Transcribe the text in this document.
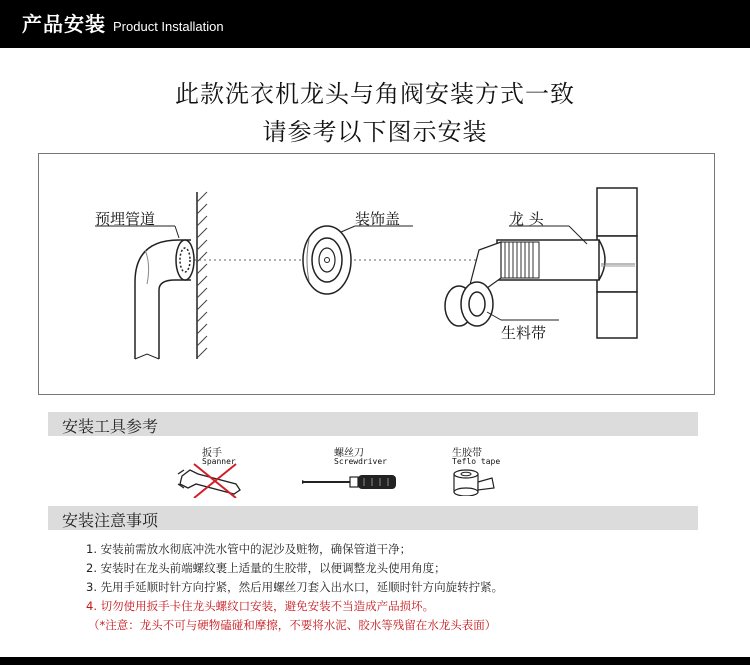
产品安装 Product Installation
此款洗衣机龙头与角阀安装方式一致
请参考以下图示安装
预埋管道	装饰盖	龙 头
生料带
安装工具参考
扳手
Spanner
螺丝刀
Screwdriver
生胶带
Teflo tape
安装注意事项
1. 安装前需放水彻底冲洗水管中的泥沙及赃物，确保管道干净；
2. 安装时在龙头前端螺纹裹上适量的生胶带，以便调整龙头使用角度；
3. 先用手延顺时针方向拧紧，然后用螺丝刀套入出水口，延顺时针方向旋转拧紧。
4. 切勿使用扳手卡住龙头螺纹口安装，避免安装不当造成产品损坏。
（*注意：龙头不可与硬物磕碰和摩擦，不要将水泥、胶水等残留在水龙头表面）
